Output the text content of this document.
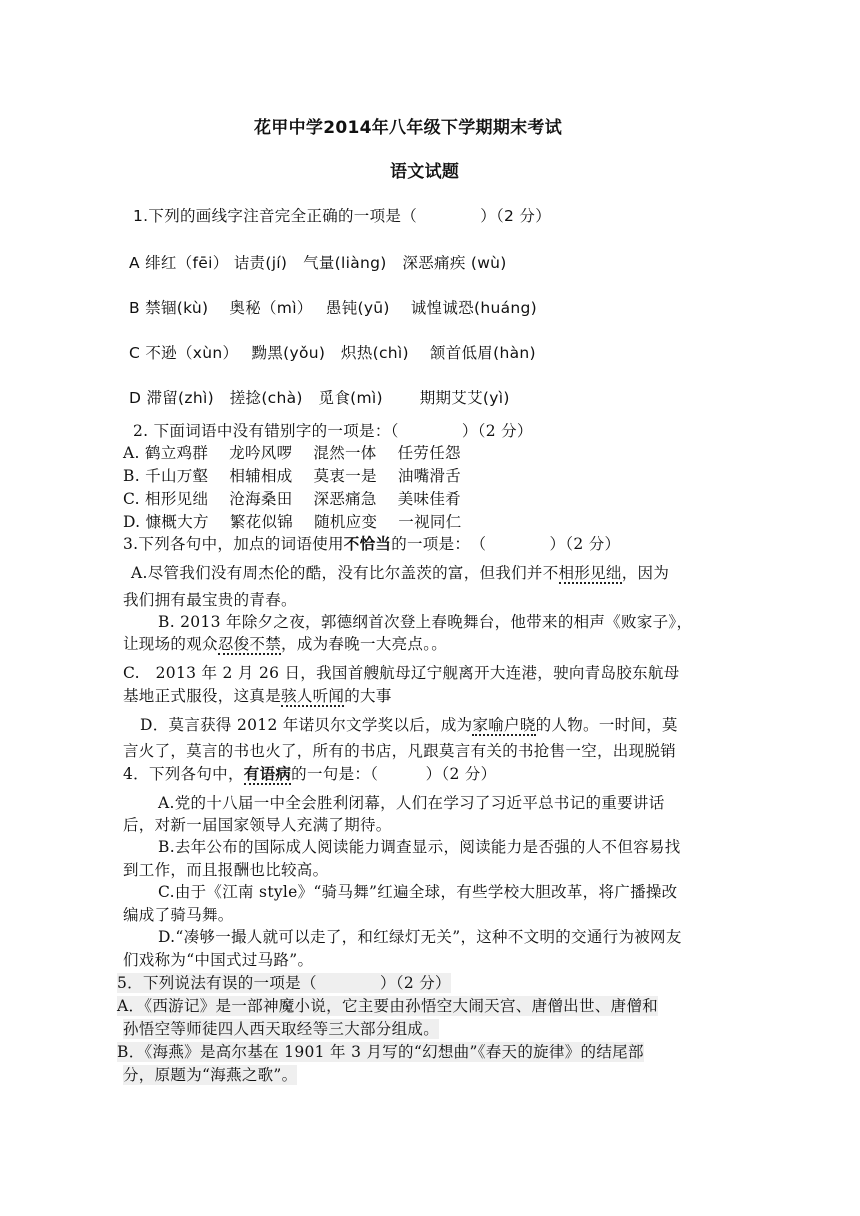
花甲中学2014年八年级下学期期末考试
语文试题
1.下列的画线字注音完全正确的一项是（　　　　）（2 分）
A 绯红（fēi） 诘责(jí)　气量(liàng)　深恶痛疾 (wù)
B 禁锢(kù)　 奥秘（mì）　 愚钝(yū)　 诚惶诚恐(huáng)
C 不逊（xùn）　 黝黑(yǒu)　炽热(chì)　 颔首低眉(hàn)
D 滞留(zhì)　搓捻(chà)　觅食(mì)　　 期期艾艾(yì)
2. 下面词语中没有错别字的一项是：（　　　　）（2 分）
A. 鹤立鸡群　 龙吟风啰　 混然一体　 任劳任怨
B. 千山万壑　 相辅相成　 莫衷一是　 油嘴滑舌
C. 相形见绌　 沧海桑田　 深恶痛急　 美味佳肴
D. 慷概大方　 繁花似锦　 随机应变　 一视同仁
3.下列各句中，加点的词语使用不恰当的一项是：　（　　　　）（2 分）
A.尽管我们没有周杰伦的酷，没有比尔盖茨的富，但我们并不相形见绌，因为
我们拥有最宝贵的青春。
B. 2013 年除夕之夜，郭德纲首次登上春晚舞台，他带来的相声《败家子》，
让现场的观众忍俊不禁，成为春晚一大亮点。。
C.　2013 年 2 月 26 日，我国首艘航母辽宁舰离开大连港，驶向青岛胶东航母
基地正式服役，这真是骇人听闻的大事
D．莫言获得 2012 年诺贝尔文学奖以后，成为家喻户晓的人物。一时间，莫
言火了，莫言的书也火了，所有的书店，凡跟莫言有关的书抢售一空，出现脱销
4．下列各句中，有语病的一句是：（　　　）（2 分）
A.党的十八届一中全会胜利闭幕，人们在学习了习近平总书记的重要讲话
后，对新一届国家领导人充满了期待。
B.去年公布的国际成人阅读能力调查显示，阅读能力是否强的人不但容易找
到工作，而且报酬也比较高。
C.由于《江南 style》“骑马舞”红遍全球，有些学校大胆改革，将广播操改
编成了骑马舞。
D.“凑够一撮人就可以走了，和红绿灯无关”，这种不文明的交通行为被网友
们戏称为“中国式过马路”。
5．下列说法有误的一项是（　　　　）（2 分）
A．《西游记》是一部神魔小说，它主要由孙悟空大闹天宫、唐僧出世、唐僧和
孙悟空等师徒四人西天取经等三大部分组成。
B．《海燕》是高尔基在 1901 年 3 月写的“幻想曲”《春天的旋律》的结尾部
分，原题为“海燕之歌”。
